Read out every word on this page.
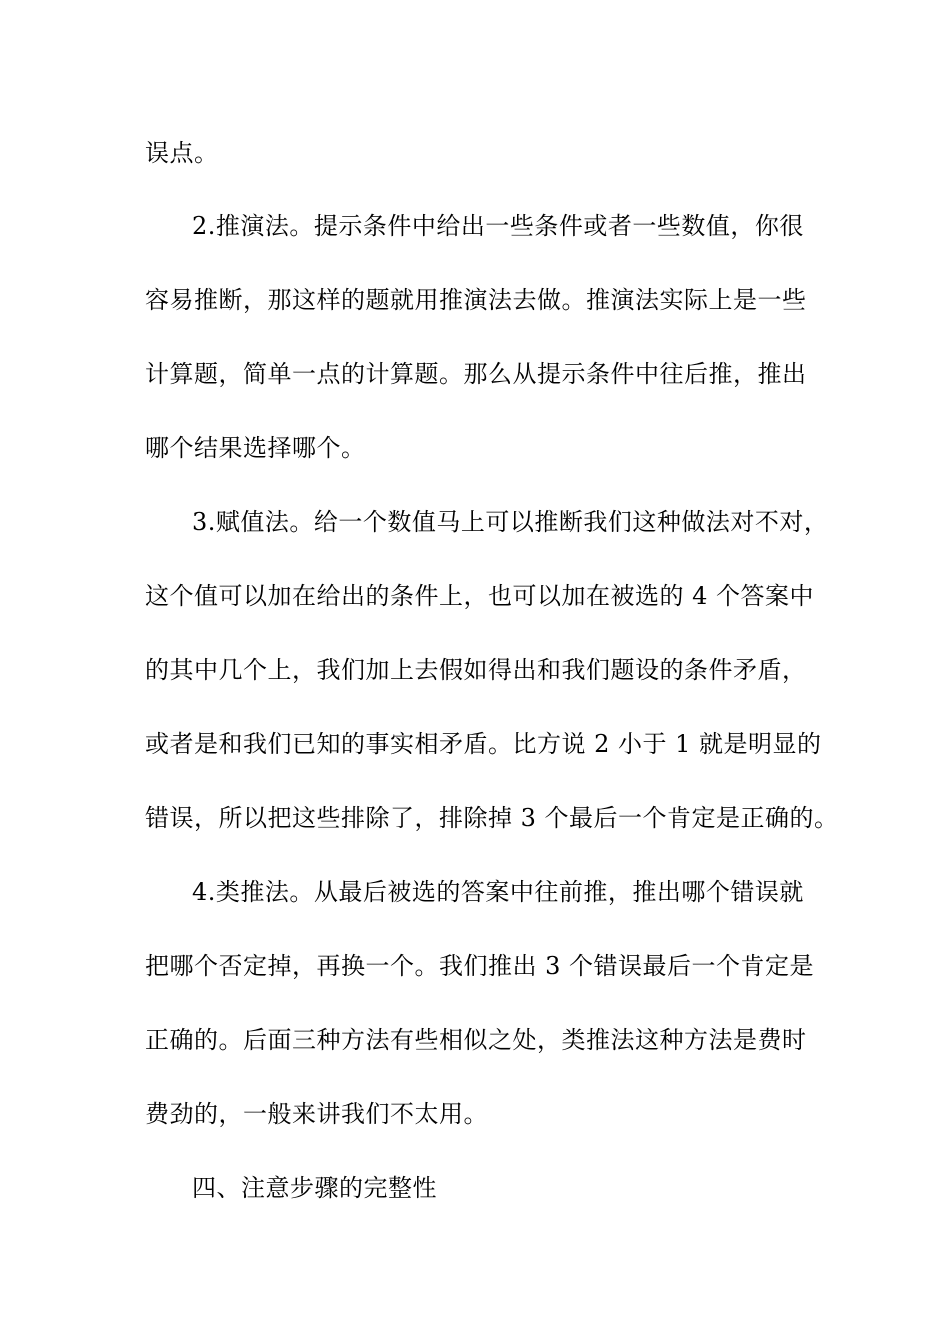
误点。
2.推演法。提示条件中给出一些条件或者一些数值，你很
容易推断，那这样的题就用推演法去做。推演法实际上是一些
计算题，简单一点的计算题。那么从提示条件中往后推，推出
哪个结果选择哪个。
3.赋值法。给一个数值马上可以推断我们这种做法对不对，
这个值可以加在给出的条件上，也可以加在被选的 4 个答案中
的其中几个上，我们加上去假如得出和我们题设的条件矛盾，
或者是和我们已知的事实相矛盾。比方说 2 小于 1 就是明显的
错误，所以把这些排除了，排除掉 3 个最后一个肯定是正确的。
4.类推法。从最后被选的答案中往前推，推出哪个错误就
把哪个否定掉，再换一个。我们推出 3 个错误最后一个肯定是
正确的。后面三种方法有些相似之处，类推法这种方法是费时
费劲的，一般来讲我们不太用。
四、注意步骤的完整性
